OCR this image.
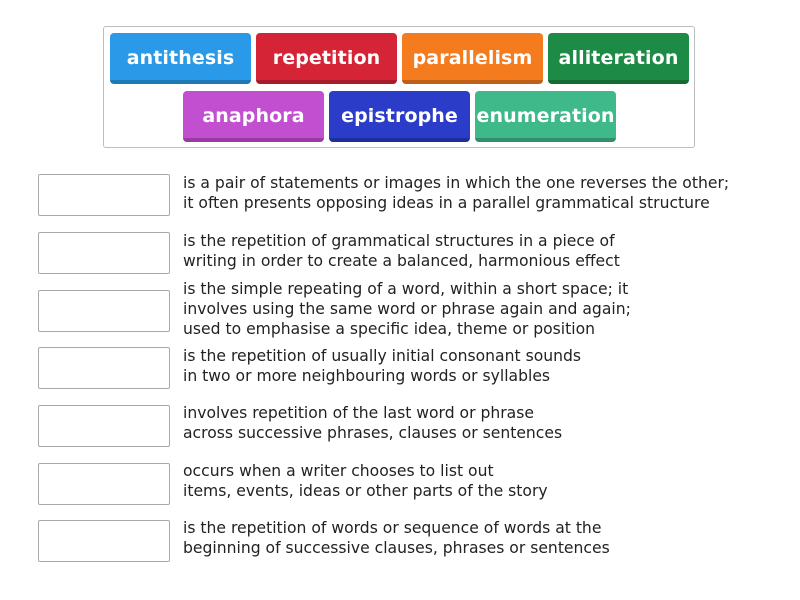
antithesis repetition parallelism alliteration
anaphora epistrophe enumeration
is a pair of statements or images in which the one reverses the other;
it often presents opposing ideas in a parallel grammatical structure
is the repetition of grammatical structures in a piece of
writing in order to create a balanced, harmonious effect
is the simple repeating of a word, within a short space; it
involves using the same word or phrase again and again;
used to emphasise a specific idea, theme or position
is the repetition of usually initial consonant sounds
in two or more neighbouring words or syllables
involves repetition of the last word or phrase
across successive phrases, clauses or sentences
occurs when a writer chooses to list out
items, events, ideas or other parts of the story
is the repetition of words or sequence of words at the
beginning of successive clauses, phrases or sentences
